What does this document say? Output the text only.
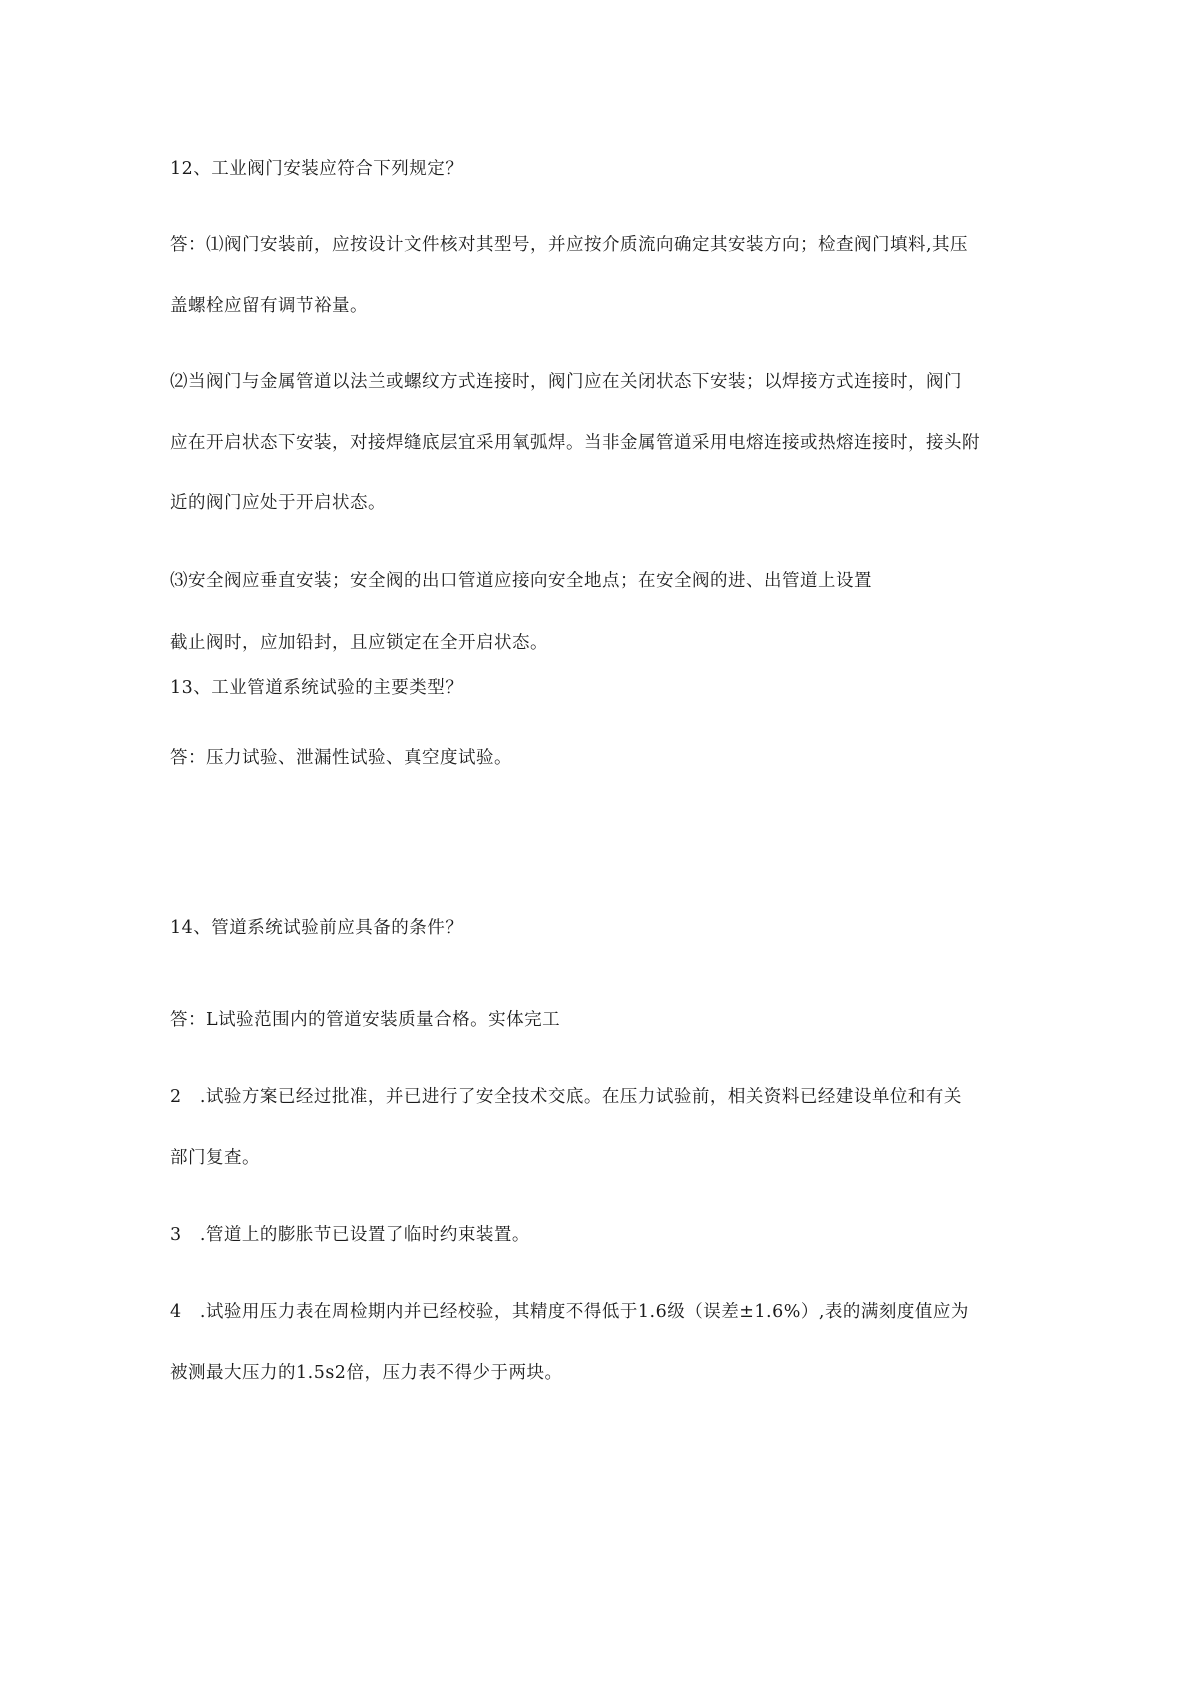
12、工业阀门安装应符合下列规定？
答：⑴阀门安装前，应按设计文件核对其型号，并应按介质流向确定其安装方向；检查阀门填料,其压
盖螺栓应留有调节裕量。
⑵当阀门与金属管道以法兰或螺纹方式连接时，阀门应在关闭状态下安装；以焊接方式连接时，阀门
应在开启状态下安装，对接焊缝底层宜采用氧弧焊。当非金属管道采用电熔连接或热熔连接时，接头附
近的阀门应处于开启状态。
⑶安全阀应垂直安装；安全阀的出口管道应接向安全地点；在安全阀的进、出管道上设置
截止阀时，应加铅封，且应锁定在全开启状态。
13、工业管道系统试验的主要类型？
答：压力试验、泄漏性试验、真空度试验。
14、管道系统试验前应具备的条件？
答：L试验范围内的管道安装质量合格。实体完工
2   .试验方案已经过批准，并已进行了安全技术交底。在压力试验前，相关资料已经建设单位和有关
部门复查。
3   .管道上的膨胀节已设置了临时约束装置。
4   .试验用压力表在周检期内并已经校验，其精度不得低于1.6级（误差±1.6%）,表的满刻度值应为
被测最大压力的1.5s2倍，压力表不得少于两块。
